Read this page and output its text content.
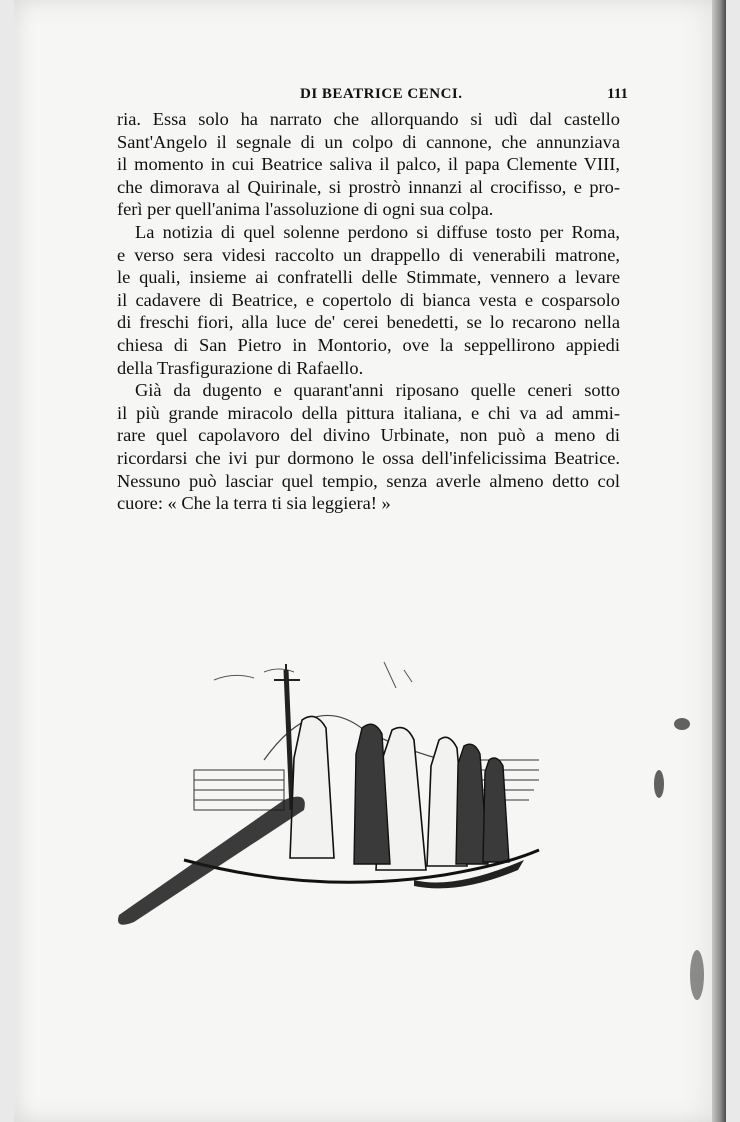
DI BEATRICE CENCI.	111
ria. Essa solo ha narrato che allorquando si udì dal castello
Sant'Angelo il segnale di un colpo di cannone, che annunziava
il momento in cui Beatrice saliva il palco, il papa Clemente VIII,
che dimorava al Quirinale, si prostrò innanzi al crocifisso, e pro-
ferì per quell'anima l'assoluzione di ogni sua colpa.
La notizia di quel solenne perdono si diffuse tosto per Roma,
e verso sera videsi raccolto un drappello di venerabili matrone,
le quali, insieme ai confratelli delle Stimmate, vennero a levare
il cadavere di Beatrice, e copertolo di bianca vesta e cosparsolo
di freschi fiori, alla luce de' cerei benedetti, se lo recarono nella
chiesa di San Pietro in Montorio, ove la seppellirono appiedi
della Trasfigurazione di Rafaello.
Già da dugento e quarant'anni riposano quelle ceneri sotto
il più grande miracolo della pittura italiana, e chi va ad ammi-
rare quel capolavoro del divino Urbinate, non può a meno di
ricordarsi che ivi pur dormono le ossa dell'infelicissima Beatrice.
Nessuno può lasciar quel tempio, senza averle almeno detto col
cuore: « Che la terra ti sia leggiera! »
